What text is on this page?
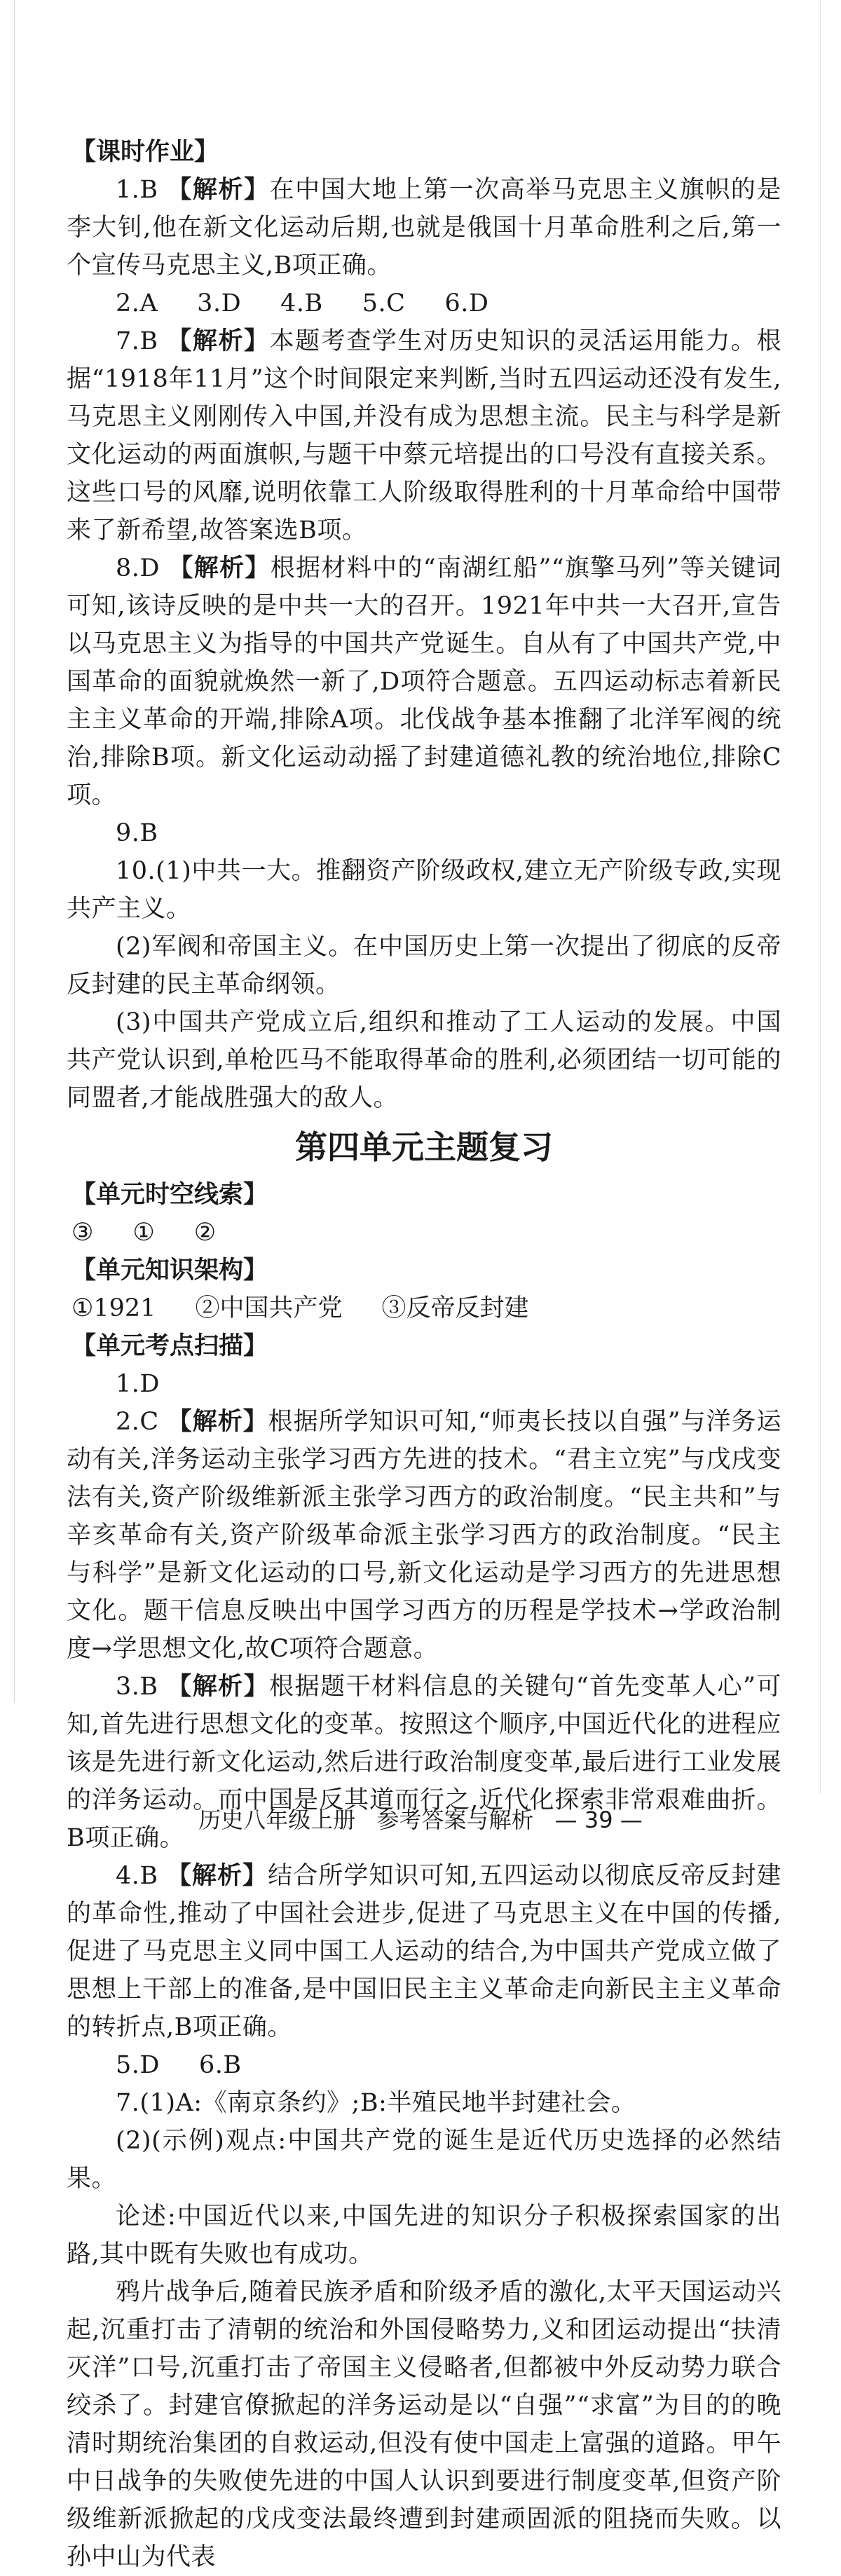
【课时作业】

1.B 【解析】在中国大地上第一次高举马克思主义旗帜的是李大钊,他在新文化运动后期,也就是俄国十月革命胜利之后,第一个宣传马克思主义,B项正确。

2.A 3.D 4.B 5.C 6.D

7.B 【解析】本题考查学生对历史知识的灵活运用能力。根据“1918年11月”这个时间限定来判断,当时五四运动还没有发生,马克思主义刚刚传入中国,并没有成为思想主流。民主与科学是新文化运动的两面旗帜,与题干中蔡元培提出的口号没有直接关系。这些口号的风靡,说明依靠工人阶级取得胜利的十月革命给中国带来了新希望,故答案选B项。

8.D 【解析】根据材料中的“南湖红船”“旗擎马列”等关键词可知,该诗反映的是中共一大的召开。1921年中共一大召开,宣告以马克思主义为指导的中国共产党诞生。自从有了中国共产党,中国革命的面貌就焕然一新了,D项符合题意。五四运动标志着新民主主义革命的开端,排除A项。北伐战争基本推翻了北洋军阀的统治,排除B项。新文化运动动摇了封建道德礼教的统治地位,排除C项。

9.B

10.(1)中共一大。推翻资产阶级政权,建立无产阶级专政,实现共产主义。

(2)军阀和帝国主义。在中国历史上第一次提出了彻底的反帝反封建的民主革命纲领。

(3)中国共产党成立后,组织和推动了工人运动的发展。中国共产党认识到,单枪匹马不能取得革命的胜利,必须团结一切可能的同盟者,才能战胜强大的敌人。

第四单元主题复习

【单元时空线索】

③ ① ②

【单元知识架构】

①1921 ②中国共产党 ③反帝反封建

【单元考点扫描】

1.D

2.C 【解析】根据所学知识可知,“师夷长技以自强”与洋务运动有关,洋务运动主张学习西方先进的技术。“君主立宪”与戊戌变法有关,资产阶级维新派主张学习西方的政治制度。“民主共和”与辛亥革命有关,资产阶级革命派主张学习西方的政治制度。“民主与科学”是新文化运动的口号,新文化运动是学习西方的先进思想文化。题干信息反映出中国学习西方的历程是学技术→学政治制度→学思想文化,故C项符合题意。

3.B 【解析】根据题干材料信息的关键句“首先变革人心”可知,首先进行思想文化的变革。按照这个顺序,中国近代化的进程应该是先进行新文化运动,然后进行政治制度变革,最后进行工业发展的洋务运动。而中国是反其道而行之,近代化探索非常艰难曲折。B项正确。

4.B 【解析】结合所学知识可知,五四运动以彻底反帝反封建的革命性,推动了中国社会进步,促进了马克思主义在中国的传播,促进了马克思主义同中国工人运动的结合,为中国共产党成立做了思想上干部上的准备,是中国旧民主主义革命走向新民主主义革命的转折点,B项正确。

5.D 6.B

7.(1)A:《南京条约》;B:半殖民地半封建社会。

(2)(示例)观点:中国共产党的诞生是近代历史选择的必然结果。

论述:中国近代以来,中国先进的知识分子积极探索国家的出路,其中既有失败也有成功。

鸦片战争后,随着民族矛盾和阶级矛盾的激化,太平天国运动兴起,沉重打击了清朝的统治和外国侵略势力,义和团运动提出“扶清灭洋”口号,沉重打击了帝国主义侵略者,但都被中外反动势力联合绞杀了。封建官僚掀起的洋务运动是以“自强”“求富”为目的的晚清时期统治集团的自救运动,但没有使中国走上富强的道路。甲午中日战争的失败使先进的中国人认识到要进行制度变革,但资产阶级维新派掀起的戊戌变法最终遭到封建顽固派的阻挠而失败。以孙中山为代表

历史八年级上册 参考答案与解析 — 39 —
